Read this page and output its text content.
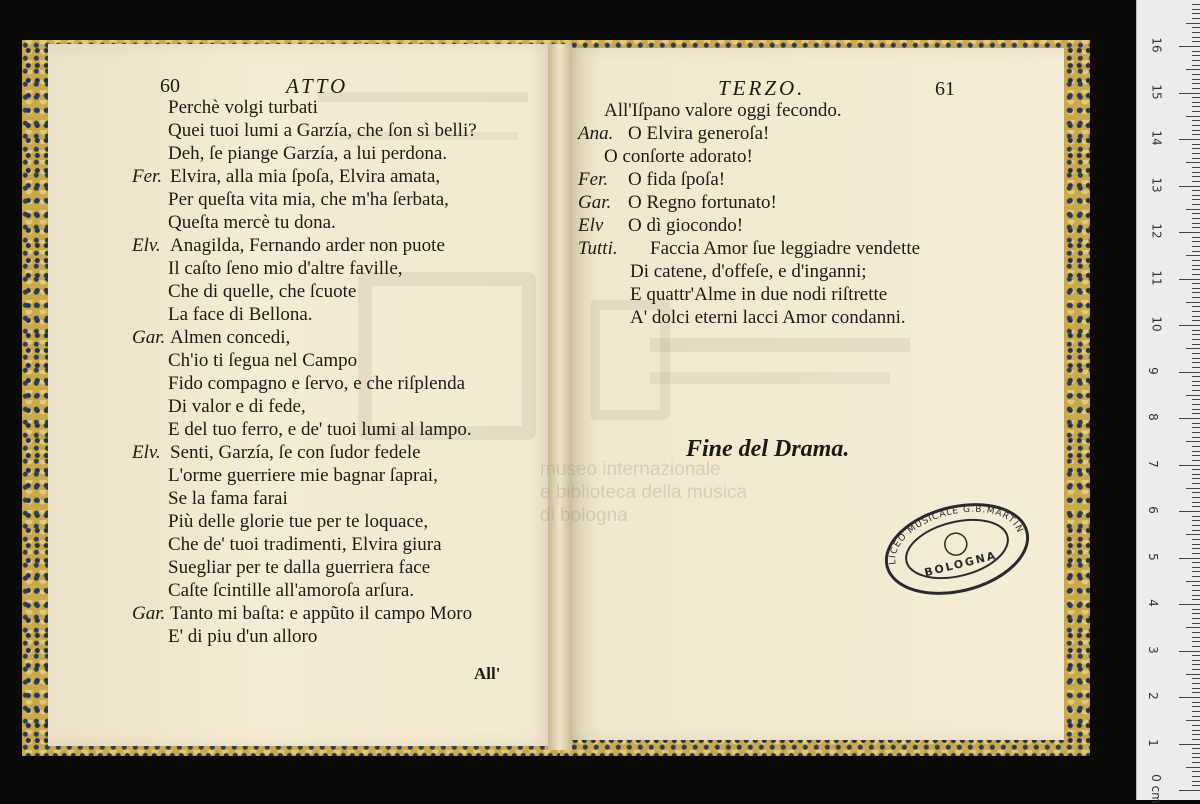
60	ATTO
Perchè volgi turbati
Quei tuoi lumi a Garzía, che ſon sì belli?
Deh, ſe piange Garzía, a lui perdona.
Fer. Elvira, alla mia ſpoſa, Elvira amata,
Per queſta vita mia, che m'ha ſerbata,
Queſta mercè tu dona.
Elv. Anagilda, Fernando arder non puote
Il caſto ſeno mio d'altre faville,
Che di quelle, che ſcuote
La face di Bellona.
Gar. Almen concedi,
Ch'io ti ſegua nel Campo
Fido compagno e ſervo, e che riſplenda
Di valor e di fede,
E del tuo ferro, e de' tuoi lumi al lampo.
Elv. Senti, Garzía, ſe con ſudor fedele
L'orme guerriere mie bagnar ſaprai,
Se la fama farai
Più delle glorie tue per te loquace,
Che de' tuoi tradimenti, Elvira giura
Suegliar per te dalla guerriera face
Caſte ſcintille all'amoroſa arſura.
Gar. Tanto mi baſta: e appũto il campo Moro
E' di piu d'un alloro
All'
TERZO.	61
All'Iſpano valore oggi fecondo.
Ana. O Elvira generoſa!
O conſorte adorato!
Fer. O fida ſpoſa!
Gar. O Regno fortunato!
Elv O dì giocondo!
Tutti. Faccia Amor ſue leggiadre vendette
Di catene, d'offeſe, e d'inganni;
E quattr'Alme in due nodi riſtrette
A' dolci eterni lacci Amor condanni.
Fine del Drama.
museo internazionale
e biblioteca della musica
di bologna
LICEO MUSICALE G.B.MARTINI
BOLOGNA
0 cm
1
2
3
4
5
6
7
8
9
10
11
12
13
14
15
16
